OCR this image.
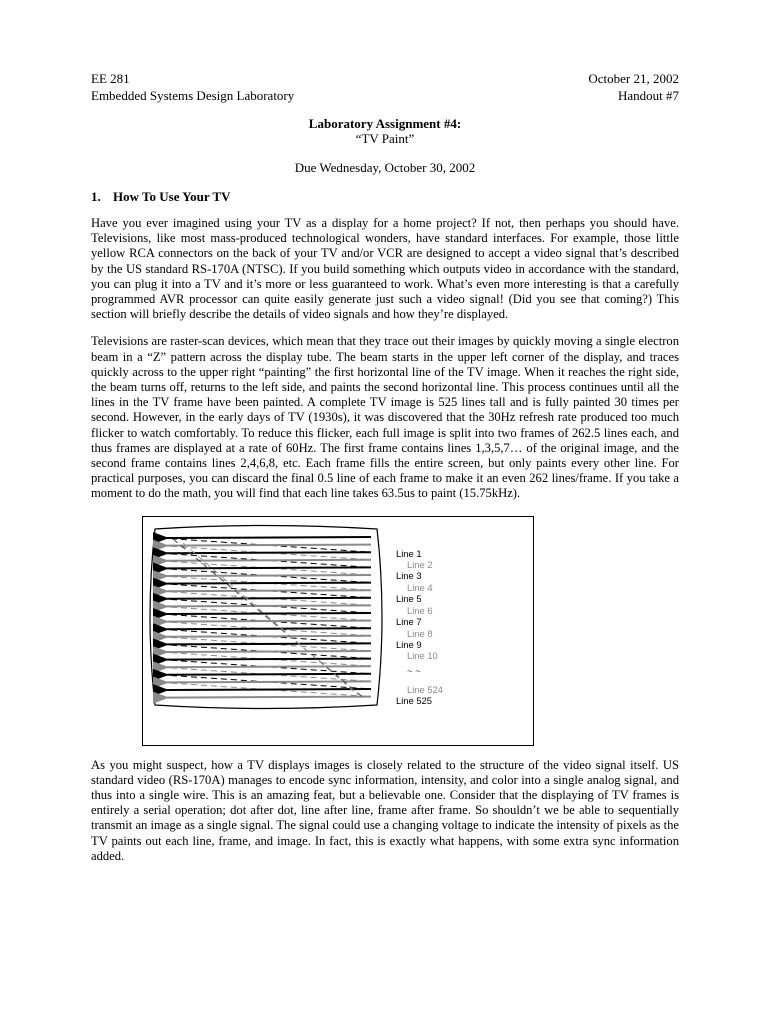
EE 281	October 21, 2002
Embedded Systems Design Laboratory	Handout #7
Laboratory Assignment #4:
“TV Paint”
Due Wednesday, October 30, 2002
1. How To Use Your TV

Have you ever imagined using your TV as a display for a home project? If not, then perhaps you should have. Televisions, like most mass-produced technological wonders, have standard interfaces. For example, those little yellow RCA connectors on the back of your TV and/or VCR are designed to accept a video signal that’s described by the US standard RS-170A (NTSC). If you build something which outputs video in accordance with the standard, you can plug it into a TV and it’s more or less guaranteed to work. What’s even more interesting is that a carefully programmed AVR processor can quite easily generate just such a video signal! (Did you see that coming?) This section will briefly describe the details of video signals and how they’re displayed.

Televisions are raster-scan devices, which mean that they trace out their images by quickly moving a single electron beam in a “Z” pattern across the display tube. The beam starts in the upper left corner of the display, and traces quickly across to the upper right “painting” the first horizontal line of the TV image. When it reaches the right side, the beam turns off, returns to the left side, and paints the second horizontal line. This process continues until all the lines in the TV frame have been painted. A complete TV image is 525 lines tall and is fully painted 30 times per second. However, in the early days of TV (1930s), it was discovered that the 30Hz refresh rate produced too much flicker to watch comfortably. To reduce this flicker, each full image is split into two frames of 262.5 lines each, and thus frames are displayed at a rate of 60Hz. The first frame contains lines 1,3,5,7… of the original image, and the second frame contains lines 2,4,6,8, etc. Each frame fills the entire screen, but only paints every other line. For practical purposes, you can discard the final 0.5 line of each frame to make it an even 262 lines/frame. If you take a moment to do the math, you will find that each line takes 63.5us to paint (15.75kHz).

Line 1
Line 2
Line 3
Line 4
Line 5
Line 6
Line 7
Line 8
Line 9
Line 10
~ ~
Line 524
Line 525

As you might suspect, how a TV displays images is closely related to the structure of the video signal itself. US standard video (RS-170A) manages to encode sync information, intensity, and color into a single analog signal, and thus into a single wire. This is an amazing feat, but a believable one. Consider that the displaying of TV frames is entirely a serial operation; dot after dot, line after line, frame after frame. So shouldn’t we be able to sequentially transmit an image as a single signal. The signal could use a changing voltage to indicate the intensity of pixels as the TV paints out each line, frame, and image. In fact, this is exactly what happens, with some extra sync information added.
